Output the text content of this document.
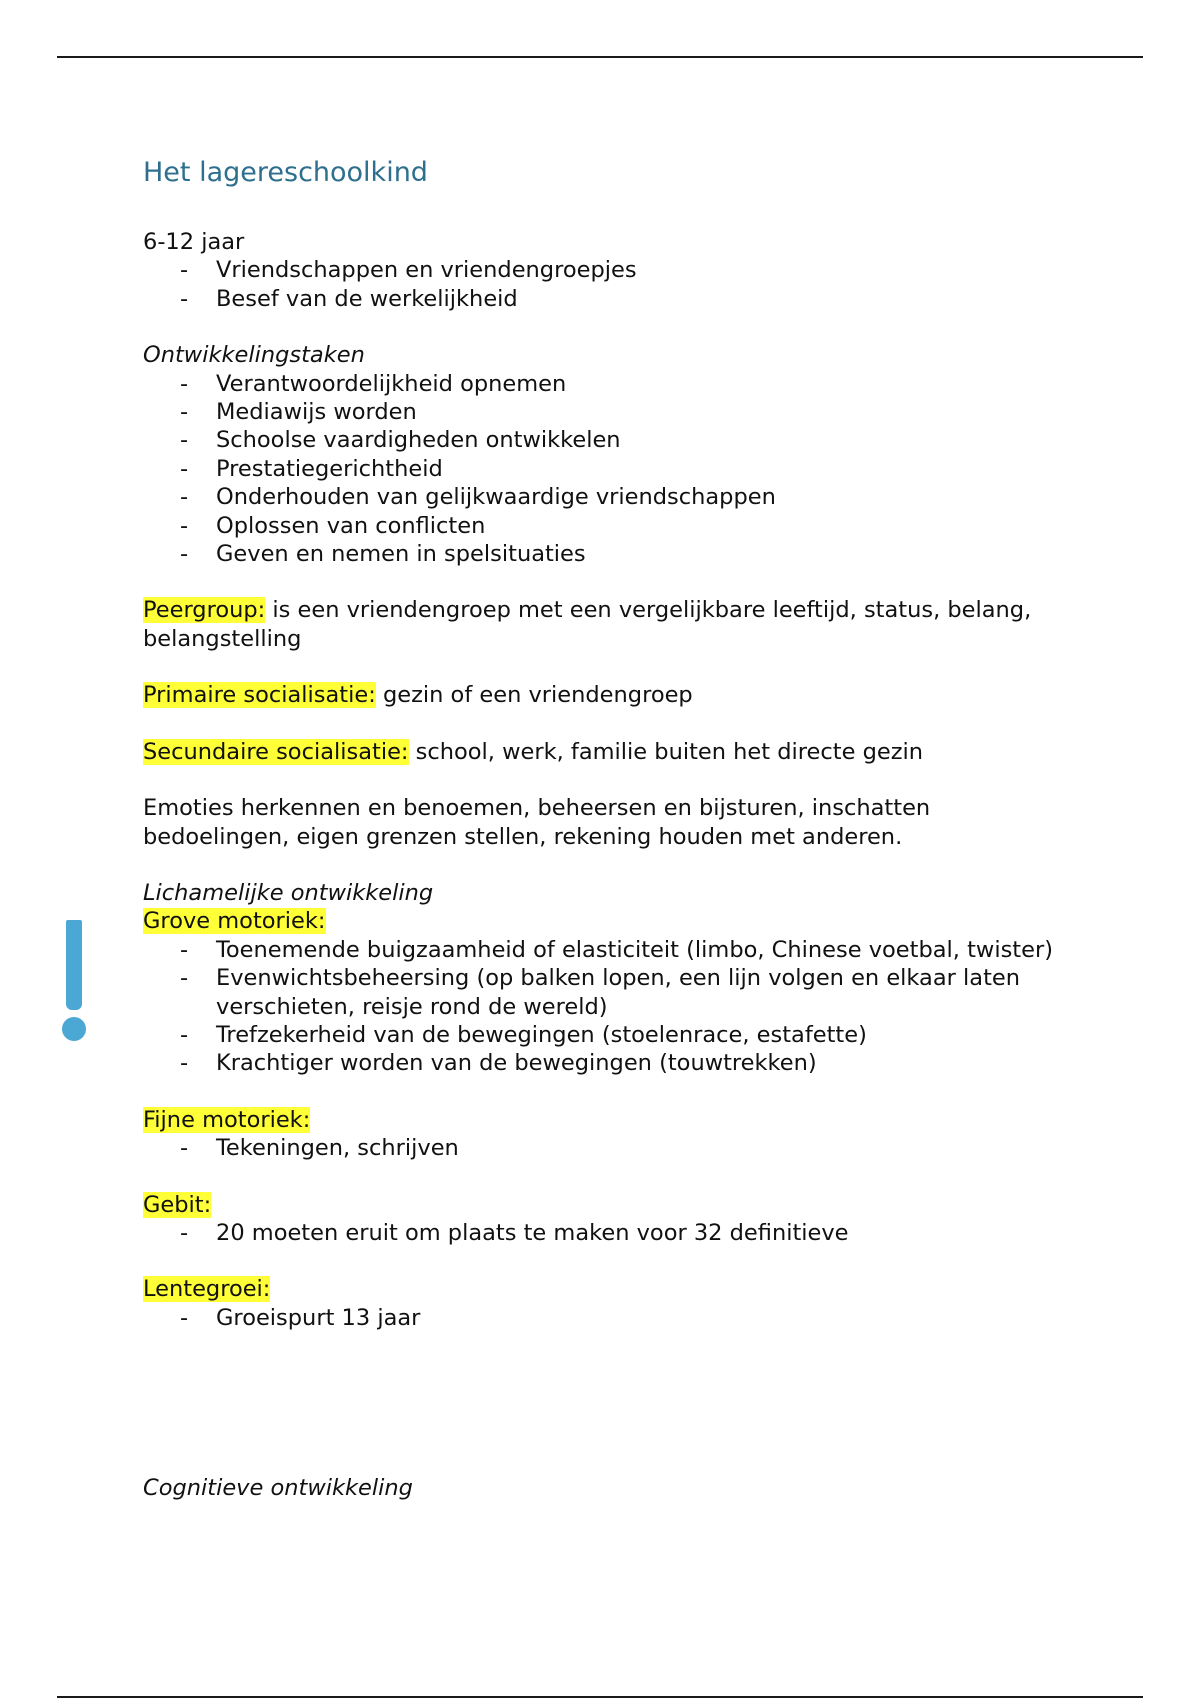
Het lagereschoolkind

6-12 jaar

- Vriendschappen en vriendengroepjes
- Besef van de werkelijkheid

Ontwikkelingstaken

- Verantwoordelijkheid opnemen
- Mediawijs worden
- Schoolse vaardigheden ontwikkelen
- Prestatiegerichtheid
- Onderhouden van gelijkwaardige vriendschappen
- Oplossen van conflicten
- Geven en nemen in spelsituaties

Peergroup: is een vriendengroep met een vergelijkbare leeftijd, status, belang, belangstelling

Primaire socialisatie: gezin of een vriendengroep

Secundaire socialisatie: school, werk, familie buiten het directe gezin

Emoties herkennen en benoemen, beheersen en bijsturen, inschatten bedoelingen, eigen grenzen stellen, rekening houden met anderen.

Lichamelijke ontwikkeling

Grove motoriek:

- Toenemende buigzaamheid of elasticiteit (limbo, Chinese voetbal, twister)
- Evenwichtsbeheersing (op balken lopen, een lijn volgen en elkaar laten verschieten, reisje rond de wereld)
- Trefzekerheid van de bewegingen (stoelenrace, estafette)
- Krachtiger worden van de bewegingen (touwtrekken)

Fijne motoriek:

- Tekeningen, schrijven

Gebit:

- 20 moeten eruit om plaats te maken voor 32 definitieve

Lentegroei:

- Groeispurt 13 jaar

Cognitieve ontwikkeling
